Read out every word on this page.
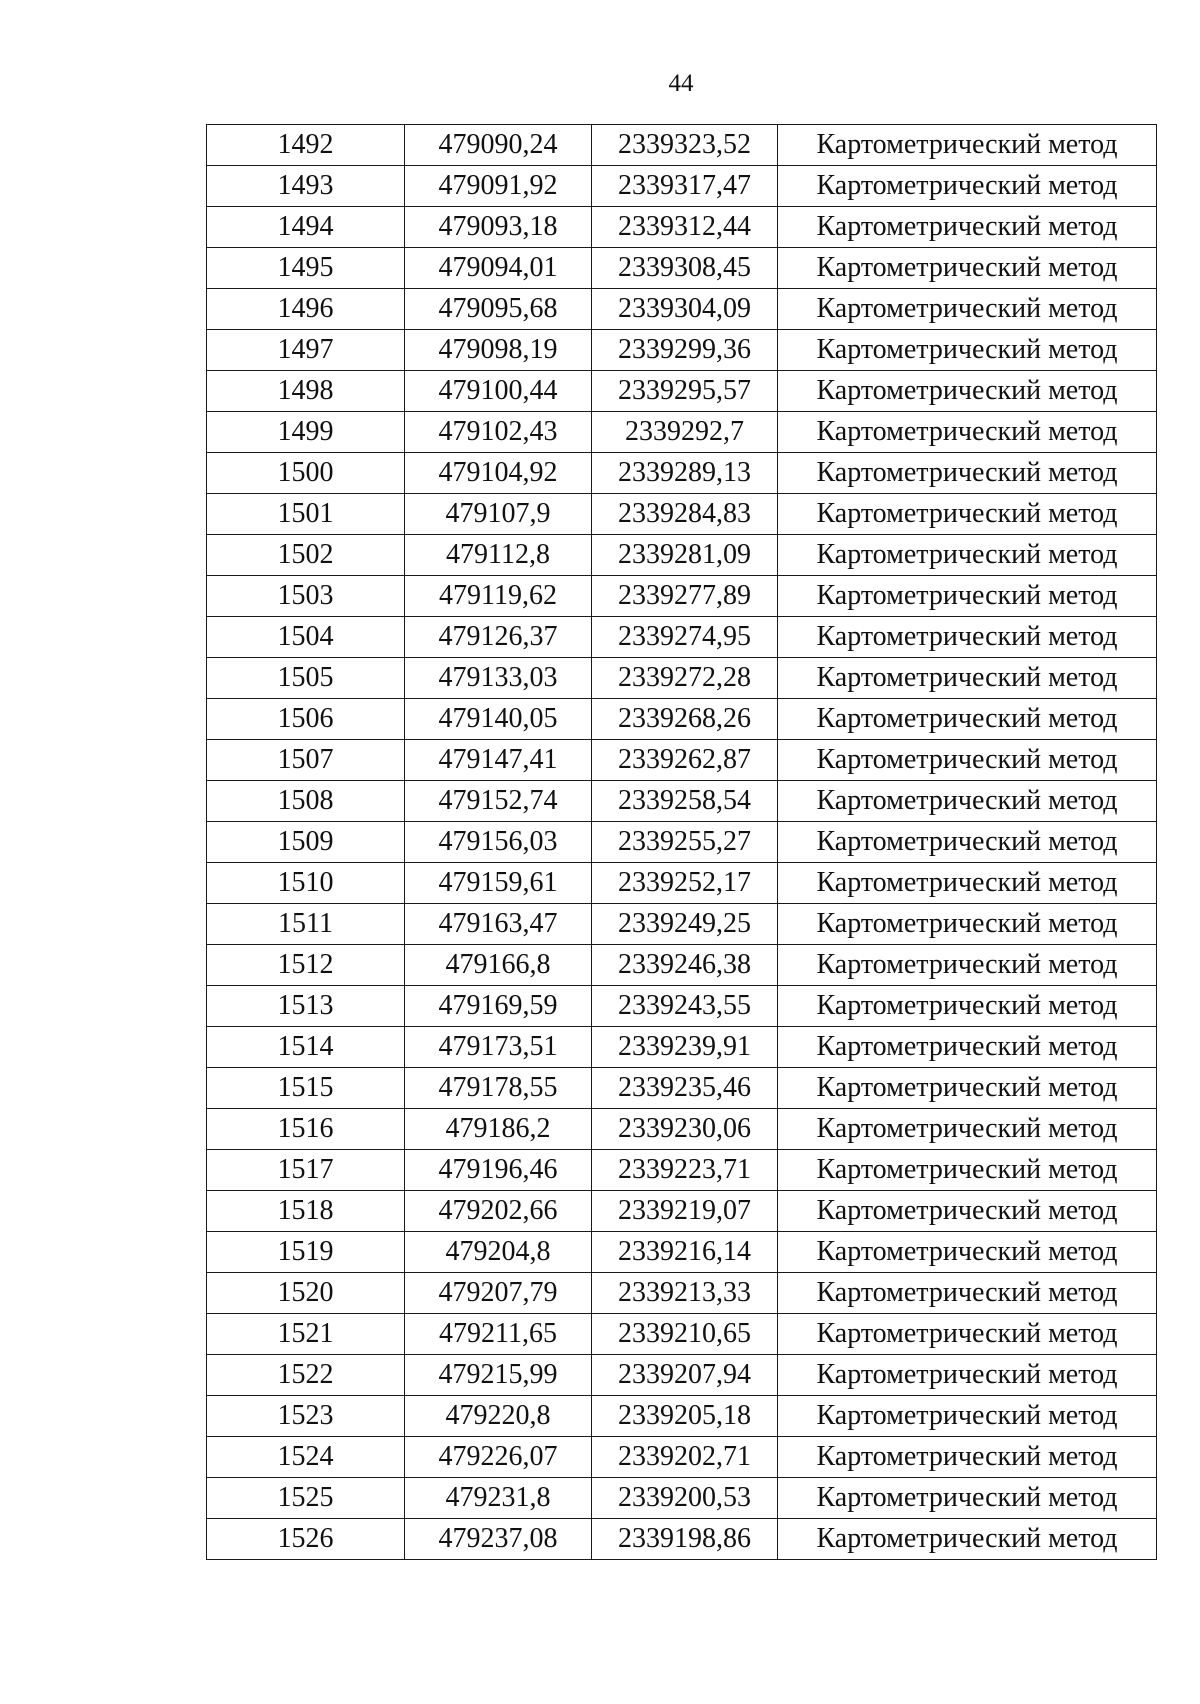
44
1492	479090,24	2339323,52	Картометрический метод
1493	479091,92	2339317,47	Картометрический метод
1494	479093,18	2339312,44	Картометрический метод
1495	479094,01	2339308,45	Картометрический метод
1496	479095,68	2339304,09	Картометрический метод
1497	479098,19	2339299,36	Картометрический метод
1498	479100,44	2339295,57	Картометрический метод
1499	479102,43	2339292,7	Картометрический метод
1500	479104,92	2339289,13	Картометрический метод
1501	479107,9	2339284,83	Картометрический метод
1502	479112,8	2339281,09	Картометрический метод
1503	479119,62	2339277,89	Картометрический метод
1504	479126,37	2339274,95	Картометрический метод
1505	479133,03	2339272,28	Картометрический метод
1506	479140,05	2339268,26	Картометрический метод
1507	479147,41	2339262,87	Картометрический метод
1508	479152,74	2339258,54	Картометрический метод
1509	479156,03	2339255,27	Картометрический метод
1510	479159,61	2339252,17	Картометрический метод
1511	479163,47	2339249,25	Картометрический метод
1512	479166,8	2339246,38	Картометрический метод
1513	479169,59	2339243,55	Картометрический метод
1514	479173,51	2339239,91	Картометрический метод
1515	479178,55	2339235,46	Картометрический метод
1516	479186,2	2339230,06	Картометрический метод
1517	479196,46	2339223,71	Картометрический метод
1518	479202,66	2339219,07	Картометрический метод
1519	479204,8	2339216,14	Картометрический метод
1520	479207,79	2339213,33	Картометрический метод
1521	479211,65	2339210,65	Картометрический метод
1522	479215,99	2339207,94	Картометрический метод
1523	479220,8	2339205,18	Картометрический метод
1524	479226,07	2339202,71	Картометрический метод
1525	479231,8	2339200,53	Картометрический метод
1526	479237,08	2339198,86	Картометрический метод
